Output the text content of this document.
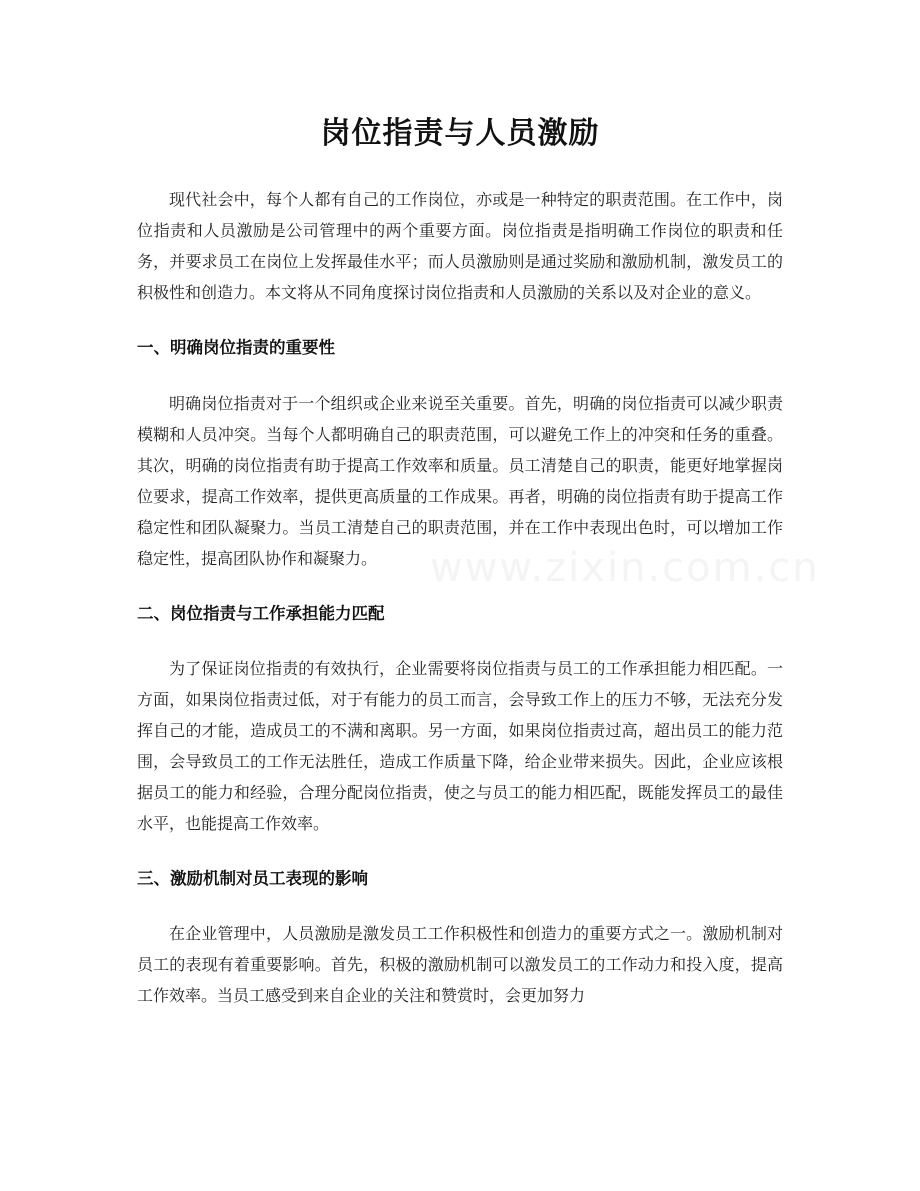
岗位指责与人员激励

现代社会中，每个人都有自己的工作岗位，亦或是一种特定的职责范围。在工作中，岗位指责和人员激励是公司管理中的两个重要方面。岗位指责是指明确工作岗位的职责和任务，并要求员工在岗位上发挥最佳水平；而人员激励则是通过奖励和激励机制，激发员工的积极性和创造力。本文将从不同角度探讨岗位指责和人员激励的关系以及对企业的意义。

一、明确岗位指责的重要性

明确岗位指责对于一个组织或企业来说至关重要。首先，明确的岗位指责可以减少职责模糊和人员冲突。当每个人都明确自己的职责范围，可以避免工作上的冲突和任务的重叠。其次，明确的岗位指责有助于提高工作效率和质量。员工清楚自己的职责，能更好地掌握岗位要求，提高工作效率，提供更高质量的工作成果。再者，明确的岗位指责有助于提高工作稳定性和团队凝聚力。当员工清楚自己的职责范围，并在工作中表现出色时，可以增加工作稳定性，提高团队协作和凝聚力。

二、岗位指责与工作承担能力匹配

为了保证岗位指责的有效执行，企业需要将岗位指责与员工的工作承担能力相匹配。一方面，如果岗位指责过低，对于有能力的员工而言，会导致工作上的压力不够，无法充分发挥自己的才能，造成员工的不满和离职。另一方面，如果岗位指责过高，超出员工的能力范围，会导致员工的工作无法胜任，造成工作质量下降，给企业带来损失。因此，企业应该根据员工的能力和经验，合理分配岗位指责，使之与员工的能力相匹配，既能发挥员工的最佳水平，也能提高工作效率。

三、激励机制对员工表现的影响

在企业管理中，人员激励是激发员工工作积极性和创造力的重要方式之一。激励机制对员工的表现有着重要影响。首先，积极的激励机制可以激发员工的工作动力和投入度，提高工作效率。当员工感受到来自企业的关注和赞赏时，会更加努力

www.zixin.com.cn
